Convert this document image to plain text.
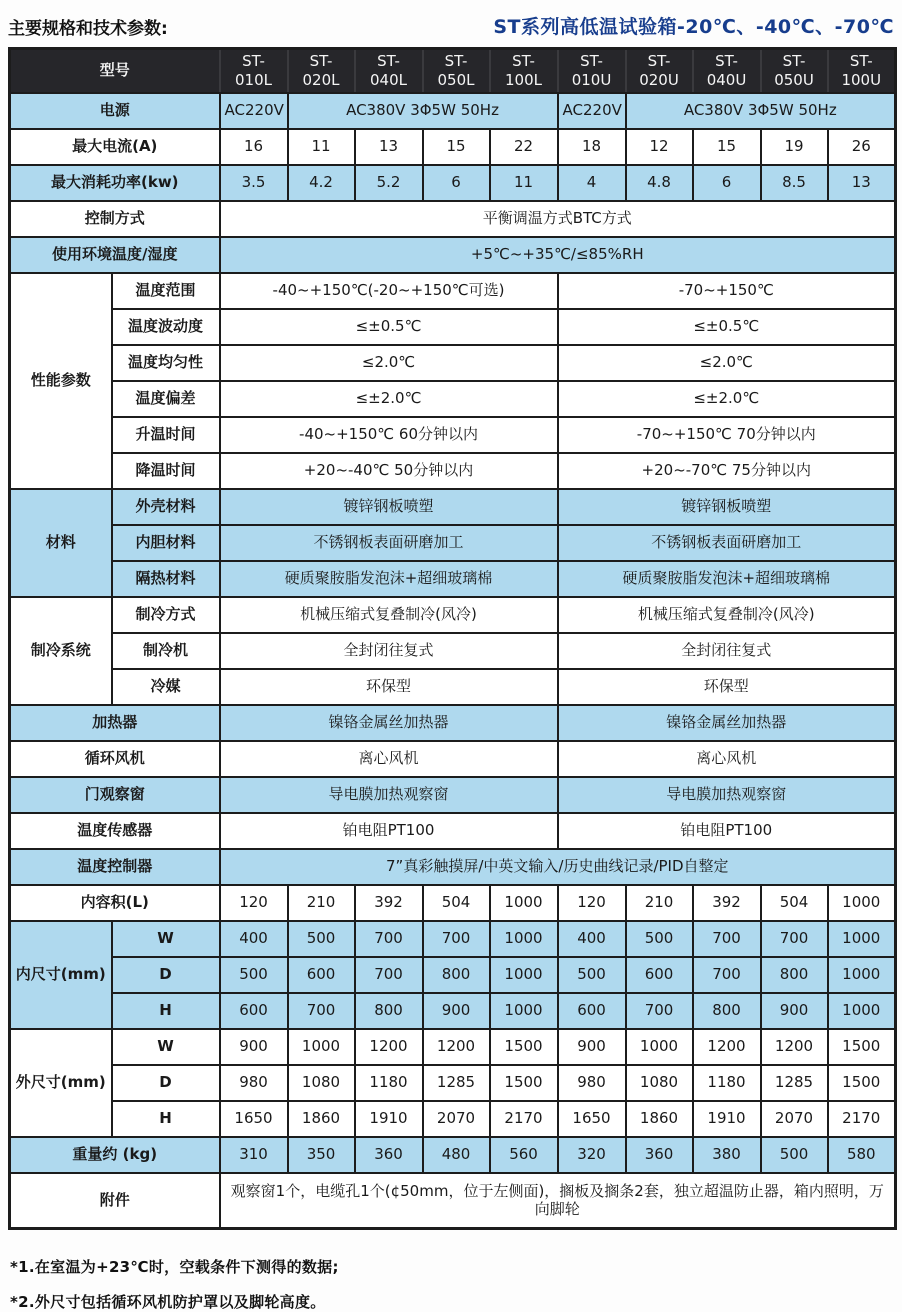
主要规格和技术参数:	ST系列高低温试验箱-20℃、-40℃、-70℃
型号		ST-010L	ST-020L	ST-040L	ST-050L	ST-100L	ST-010U	ST-020U	ST-040U	ST-050U	ST-100U
电源		AC220V	AC380V 3Φ5W 50Hz				AC220V	AC380V 3Φ5W 50Hz			
最大电流(A)		16	11	13	15	22	18	12	15	19	26
最大消耗功率(kw)		3.5	4.2	5.2	6	11	4	4.8	6	8.5	13
控制方式		平衡调温方式BTC方式									
使用环境温度/湿度		+5℃~+35℃/≤85%RH									
性能参数	温度范围	-40~+150℃(-20~+150℃可选)					-70~+150℃				
	温度波动度	≤±0.5℃					≤±0.5℃				
	温度均匀性	≤2.0℃					≤2.0℃				
	温度偏差	≤±2.0℃					≤±2.0℃				
	升温时间	-40~+150℃ 60分钟以内					-70~+150℃ 70分钟以内				
	降温时间	+20~-40℃ 50分钟以内					+20~-70℃ 75分钟以内				
材料	外壳材料	镀锌钢板喷塑					镀锌钢板喷塑				
	内胆材料	不锈钢板表面研磨加工					不锈钢板表面研磨加工				
	隔热材料	硬质聚胺脂发泡沫+超细玻璃棉					硬质聚胺脂发泡沫+超细玻璃棉				
制冷系统	制冷方式	机械压缩式复叠制冷(风冷)					机械压缩式复叠制冷(风冷)				
	制冷机	全封闭往复式					全封闭往复式				
	冷媒	环保型					环保型				
加热器		镍铬金属丝加热器					镍铬金属丝加热器				
循环风机		离心风机					离心风机				
门观察窗		导电膜加热观察窗					导电膜加热观察窗				
温度传感器		铂电阻PT100					铂电阻PT100				
温度控制器		7”真彩触摸屏/中英文输入/历史曲线记录/PID自整定									
内容积(L)		120	210	392	504	1000	120	210	392	504	1000
内尺寸(mm)	W	400	500	700	700	1000	400	500	700	700	1000
	D	500	600	700	800	1000	500	600	700	800	1000
	H	600	700	800	900	1000	600	700	800	900	1000
外尺寸(mm)	W	900	1000	1200	1200	1500	900	1000	1200	1200	1500
	D	980	1080	1180	1285	1500	980	1080	1180	1285	1500
	H	1650	1860	1910	2070	2170	1650	1860	1910	2070	2170
重量约 (kg)		310	350	360	480	560	320	360	380	500	580
附件		观察窗1个，电缆孔1个(¢50mm，位于左侧面)，搁板及搁条2套，独立超温防止器，箱内照明，万向脚轮									
*1.在室温为+23℃时，空载条件下测得的数据;
*2.外尺寸包括循环风机防护罩以及脚轮高度。
